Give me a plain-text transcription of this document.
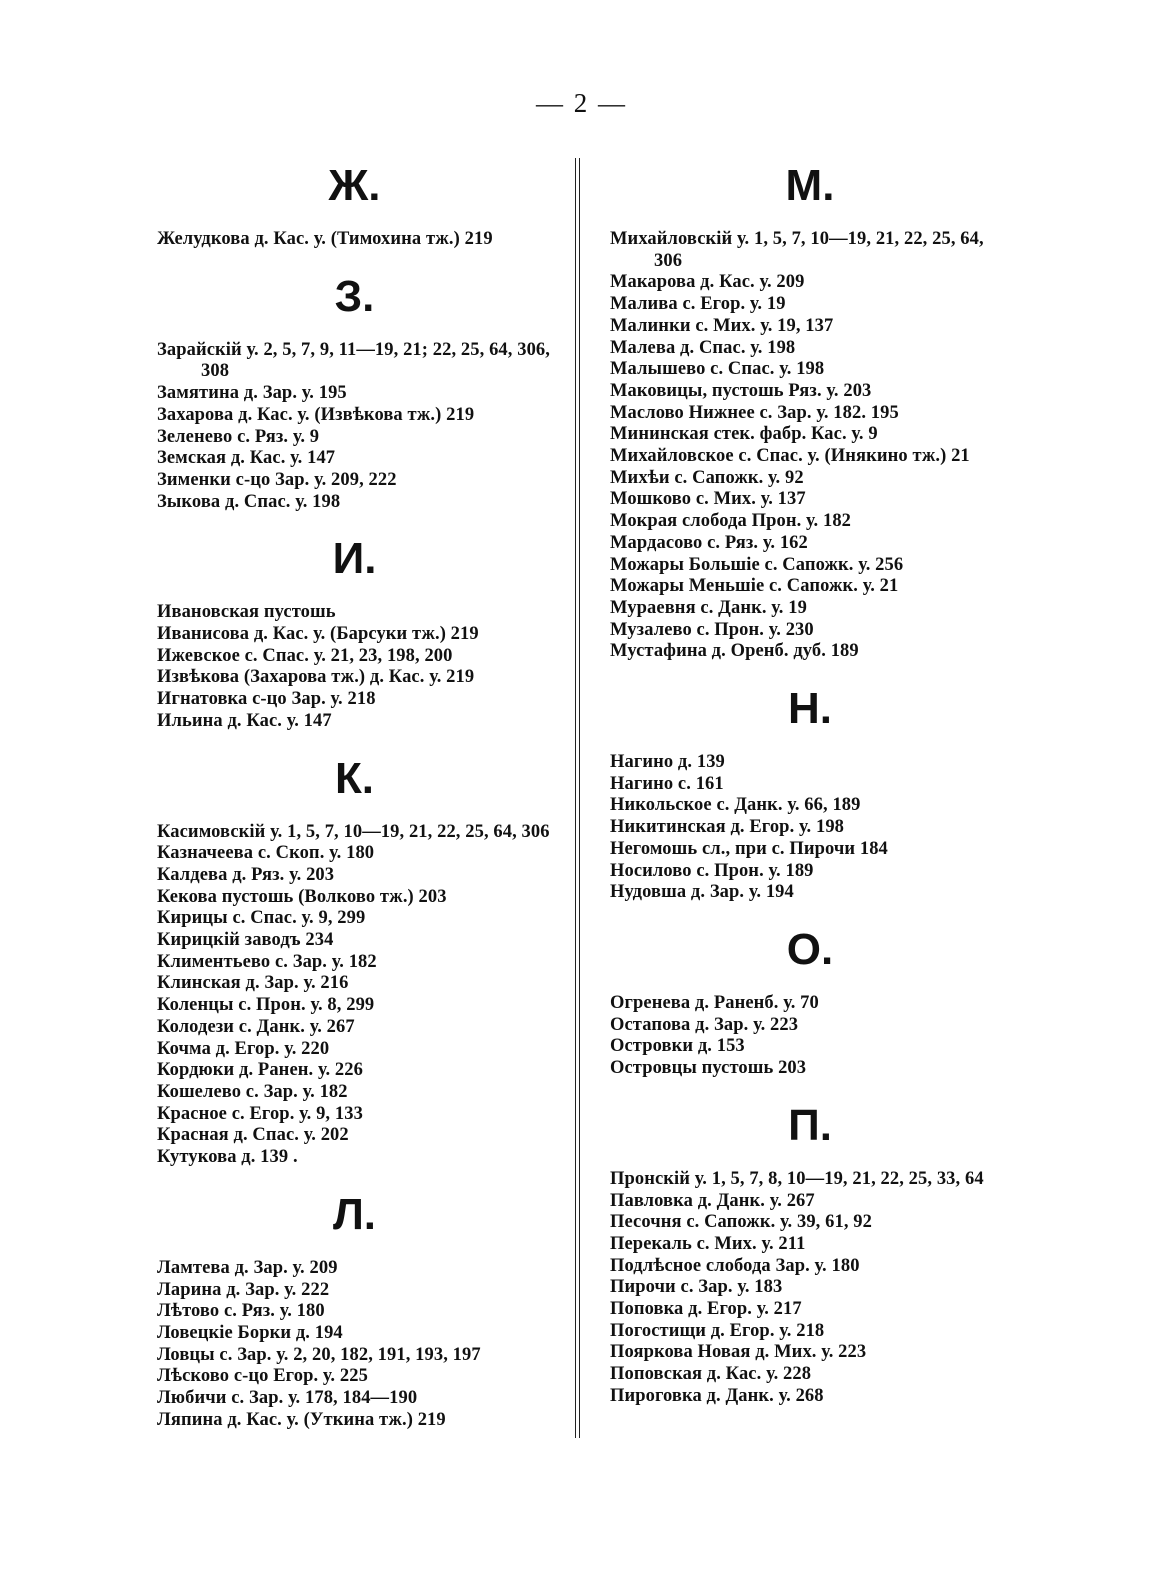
— 2 —
Ж.
Желудкова д. Кас. у. (Тимохина тж.) 219
З.
Зарайскій у. 2, 5, 7, 9, 11—19, 21; 22, 25, 64, 306, 308
Замятина д. Зар. у. 195
Захарова д. Кас. у. (Извѣкова тж.) 219
Зеленево с. Ряз. у. 9
Земская д. Кас. у. 147
Зименки с-цо Зар. у. 209, 222
Зыкова д. Спас. у. 198
И.
Ивановская пустошь
Иванисова д. Кас. у. (Барсуки тж.) 219
Ижевское с. Спас. у. 21, 23, 198, 200
Извѣкова (Захарова тж.) д. Кас. у. 219
Игнатовка с-цо Зар. у. 218
Ильина д. Кас. у. 147
К.
Касимовскій у. 1, 5, 7, 10—19, 21, 22, 25, 64, 306
Казначеева с. Скоп. у. 180
Калдева д. Ряз. у. 203
Кекова пустошь (Волково тж.) 203
Кирицы с. Спас. у. 9, 299
Кирицкій заводъ 234
Климентьево с. Зар. у. 182
Клинская д. Зар. у. 216
Коленцы с. Прон. у. 8, 299
Колодези с. Данк. у. 267
Кочма д. Егор. у. 220
Кордюки д. Ранен. у. 226
Кошелево с. Зар. у. 182
Красное с. Егор. у. 9, 133
Красная д. Спас. у. 202
Кутукова д. 139 .
Л.
Ламтева д. Зар. у. 209
Ларина д. Зар. у. 222
Лѣтово с. Ряз. у. 180
Ловецкіе Борки д. 194
Ловцы с. Зар. у. 2, 20, 182, 191, 193, 197
Лѣсково с-цо Егор. у. 225
Любичи с. Зар. у. 178, 184—190
Ляпина д. Кас. у. (Уткина тж.) 219
М.
Михайловскій у. 1, 5, 7, 10—19, 21, 22, 25, 64, 306
Макарова д. Кас. у. 209
Малива с. Егор. у. 19
Малинки с. Мих. у. 19, 137
Малева д. Спас. у. 198
Малышево с. Спас. у. 198
Маковицы, пустошь Ряз. у. 203
Маслово Нижнее с. Зар. у. 182. 195
Мининская стек. фабр. Кас. у. 9
Михайловское с. Спас. у. (Инякино тж.) 21
Михѣи с. Сапожк. у. 92
Мошково с. Мих. у. 137
Мокрая слобода Прон. у. 182
Мардасово с. Ряз. у. 162
Можары Большіе с. Сапожк. у. 256
Можары Меньшіе с. Сапожк. у. 21
Мураевня с. Данк. у. 19
Музалево с. Прон. у. 230
Мустафина д. Оренб. дуб. 189
Н.
Нагино д. 139
Нагино с. 161
Никольское с. Данк. у. 66, 189
Никитинская д. Егор. у. 198
Негомошь сл., при с. Пирочи 184
Носилово с. Прон. у. 189
Нудовша д. Зар. у. 194
О.
Огренева д. Раненб. у. 70
Остапова д. Зар. у. 223
Островки д. 153
Островцы пустошь 203
П.
Пронскій у. 1, 5, 7, 8, 10—19, 21, 22, 25, 33, 64
Павловка д. Данк. у. 267
Песочня с. Сапожк. у. 39, 61, 92
Перекаль с. Мих. у. 211
Подлѣсное слобода Зар. у. 180
Пирочи с. Зар. у. 183
Поповка д. Егор. у. 217
Погостищи д. Егор. у. 218
Пояркова Новая д. Мих. у. 223
Поповская д. Кас. у. 228
Пироговка д. Данк. у. 268
